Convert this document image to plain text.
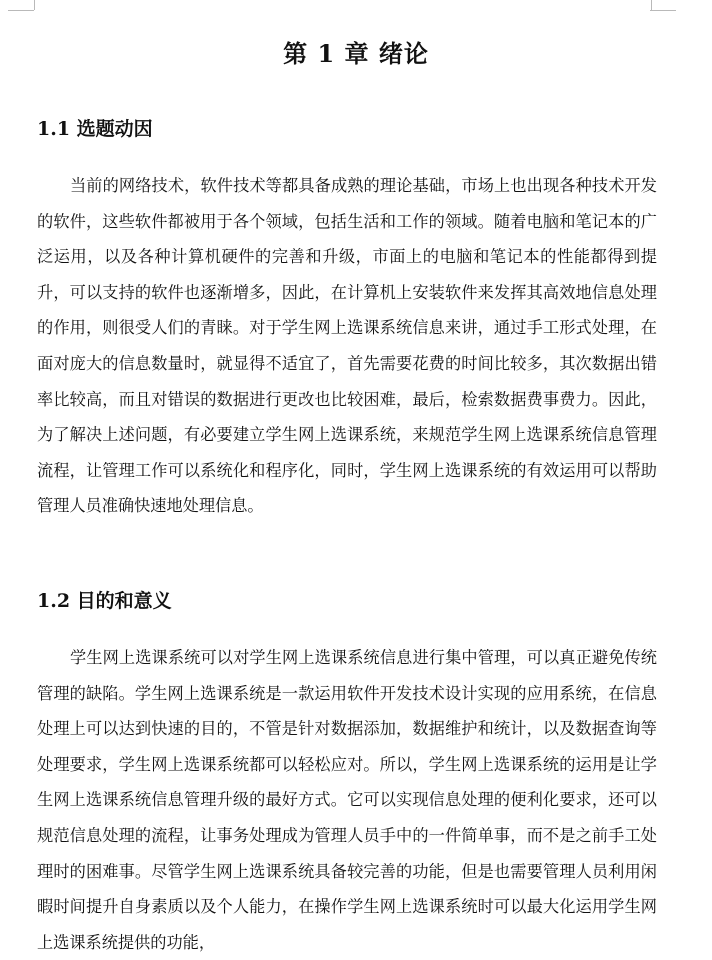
第 1 章 绪论
1.1 选题动因

当前的网络技术，软件技术等都具备成熟的理论基础，市场上也出现各种技术开发的软件，这些软件都被用于各个领域，包括生活和工作的领域。随着电脑和笔记本的广泛运用，以及各种计算机硬件的完善和升级，市面上的电脑和笔记本的性能都得到提升，可以支持的软件也逐渐增多，因此，在计算机上安装软件来发挥其高效地信息处理的作用，则很受人们的青睐。对于学生网上选课系统信息来讲，通过手工形式处理，在面对庞大的信息数量时，就显得不适宜了，首先需要花费的时间比较多，其次数据出错率比较高，而且对错误的数据进行更改也比较困难，最后，检索数据费事费力。因此，为了解决上述问题，有必要建立学生网上选课系统，来规范学生网上选课系统信息管理流程，让管理工作可以系统化和程序化，同时，学生网上选课系统的有效运用可以帮助管理人员准确快速地处理信息。

1.2 目的和意义

学生网上选课系统可以对学生网上选课系统信息进行集中管理，可以真正避免传统管理的缺陷。学生网上选课系统是一款运用软件开发技术设计实现的应用系统，在信息处理上可以达到快速的目的，不管是针对数据添加，数据维护和统计，以及数据查询等处理要求，学生网上选课系统都可以轻松应对。所以，学生网上选课系统的运用是让学生网上选课系统信息管理升级的最好方式。它可以实现信息处理的便利化要求，还可以规范信息处理的流程，让事务处理成为管理人员手中的一件简单事，而不是之前手工处理时的困难事。尽管学生网上选课系统具备较完善的功能，但是也需要管理人员利用闲暇时间提升自身素质以及个人能力，在操作学生网上选课系统时可以最大化运用学生网上选课系统提供的功能，
